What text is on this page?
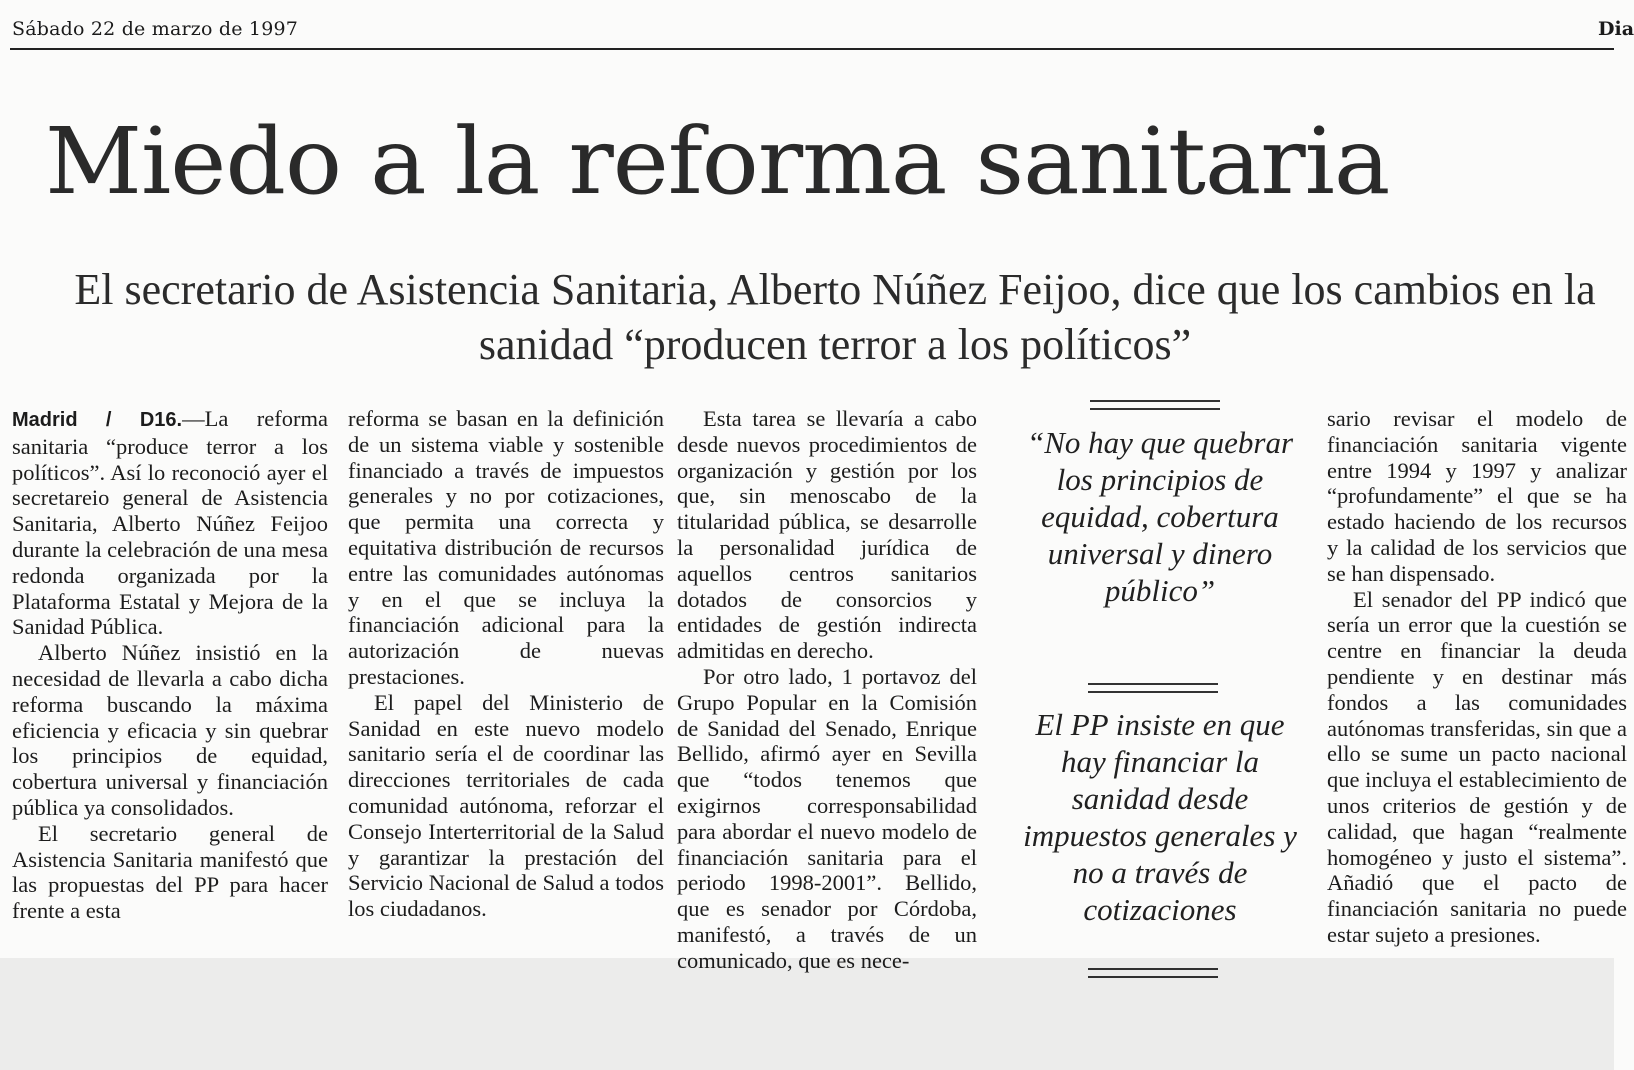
Sábado 22 de marzo de 1997	Dia
Miedo a la reforma sanitaria
El secretario de Asistencia Sanitaria, Alberto Núñez Feijoo, dice que los cambios en la sanidad “producen terror a los políticos”

Madrid / D16.—La reforma sanitaria “produce terror a los políticos”. Así lo reconoció ayer el secretareio general de Asistencia Sanitaria, Alberto Núñez Feijoo durante la celebración de una mesa redonda organizada por la Plataforma Estatal y Mejora de la Sanidad Pública.

Alberto Núñez insistió en la necesidad de llevarla a cabo dicha reforma buscando la máxima eficiencia y eficacia y sin quebrar los principios de equidad, cobertura universal y financiación pública ya consolidados.

El secretario general de Asistencia Sanitaria manifestó que las propuestas del PP para hacer frente a esta

reforma se basan en la definición de un sistema viable y sostenible financiado a través de impuestos generales y no por cotizaciones, que permita una correcta y equitativa distribución de recursos entre las comunidades autónomas y en el que se incluya la financiación adicional para la autorización de nuevas prestaciones.

El papel del Ministerio de Sanidad en este nuevo modelo sanitario sería el de coordinar las direcciones territoriales de cada comunidad autónoma, reforzar el Consejo Interterritorial de la Salud y garantizar la prestación del Servicio Nacional de Salud a todos los ciudadanos.

Esta tarea se llevaría a cabo desde nuevos procedimientos de organización y gestión por los que, sin menoscabo de la titularidad pública, se desarrolle la personalidad jurídica de aquellos centros sanitarios dotados de consorcios y entidades de gestión indirecta admitidas en derecho.

Por otro lado, 1 portavoz del Grupo Popular en la Comisión de Sanidad del Senado, Enrique Bellido, afirmó ayer en Sevilla que “todos tenemos que exigirnos corresponsabilidad para abordar el nuevo modelo de financiación sanitaria para el periodo 1998-2001”. Bellido, que es senador por Córdoba, manifestó, a través de un comunicado, que es nece-

“No hay que quebrar los principios de equidad, cobertura universal y dinero público”
El PP insiste en que hay financiar la sanidad desde impuestos generales y no a través de cotizaciones

sario revisar el modelo de financiación sanitaria vigente entre 1994 y 1997 y analizar “profundamente” el que se ha estado haciendo de los recursos y la calidad de los servicios que se han dispensado.

El senador del PP indicó que sería un error que la cuestión se centre en financiar la deuda pendiente y en destinar más fondos a las comunidades autónomas transferidas, sin que a ello se sume un pacto nacional que incluya el establecimiento de unos criterios de gestión y de calidad, que hagan “realmente homogéneo y justo el sistema”. Añadió que el pacto de financiación sanitaria no puede estar sujeto a presiones.
